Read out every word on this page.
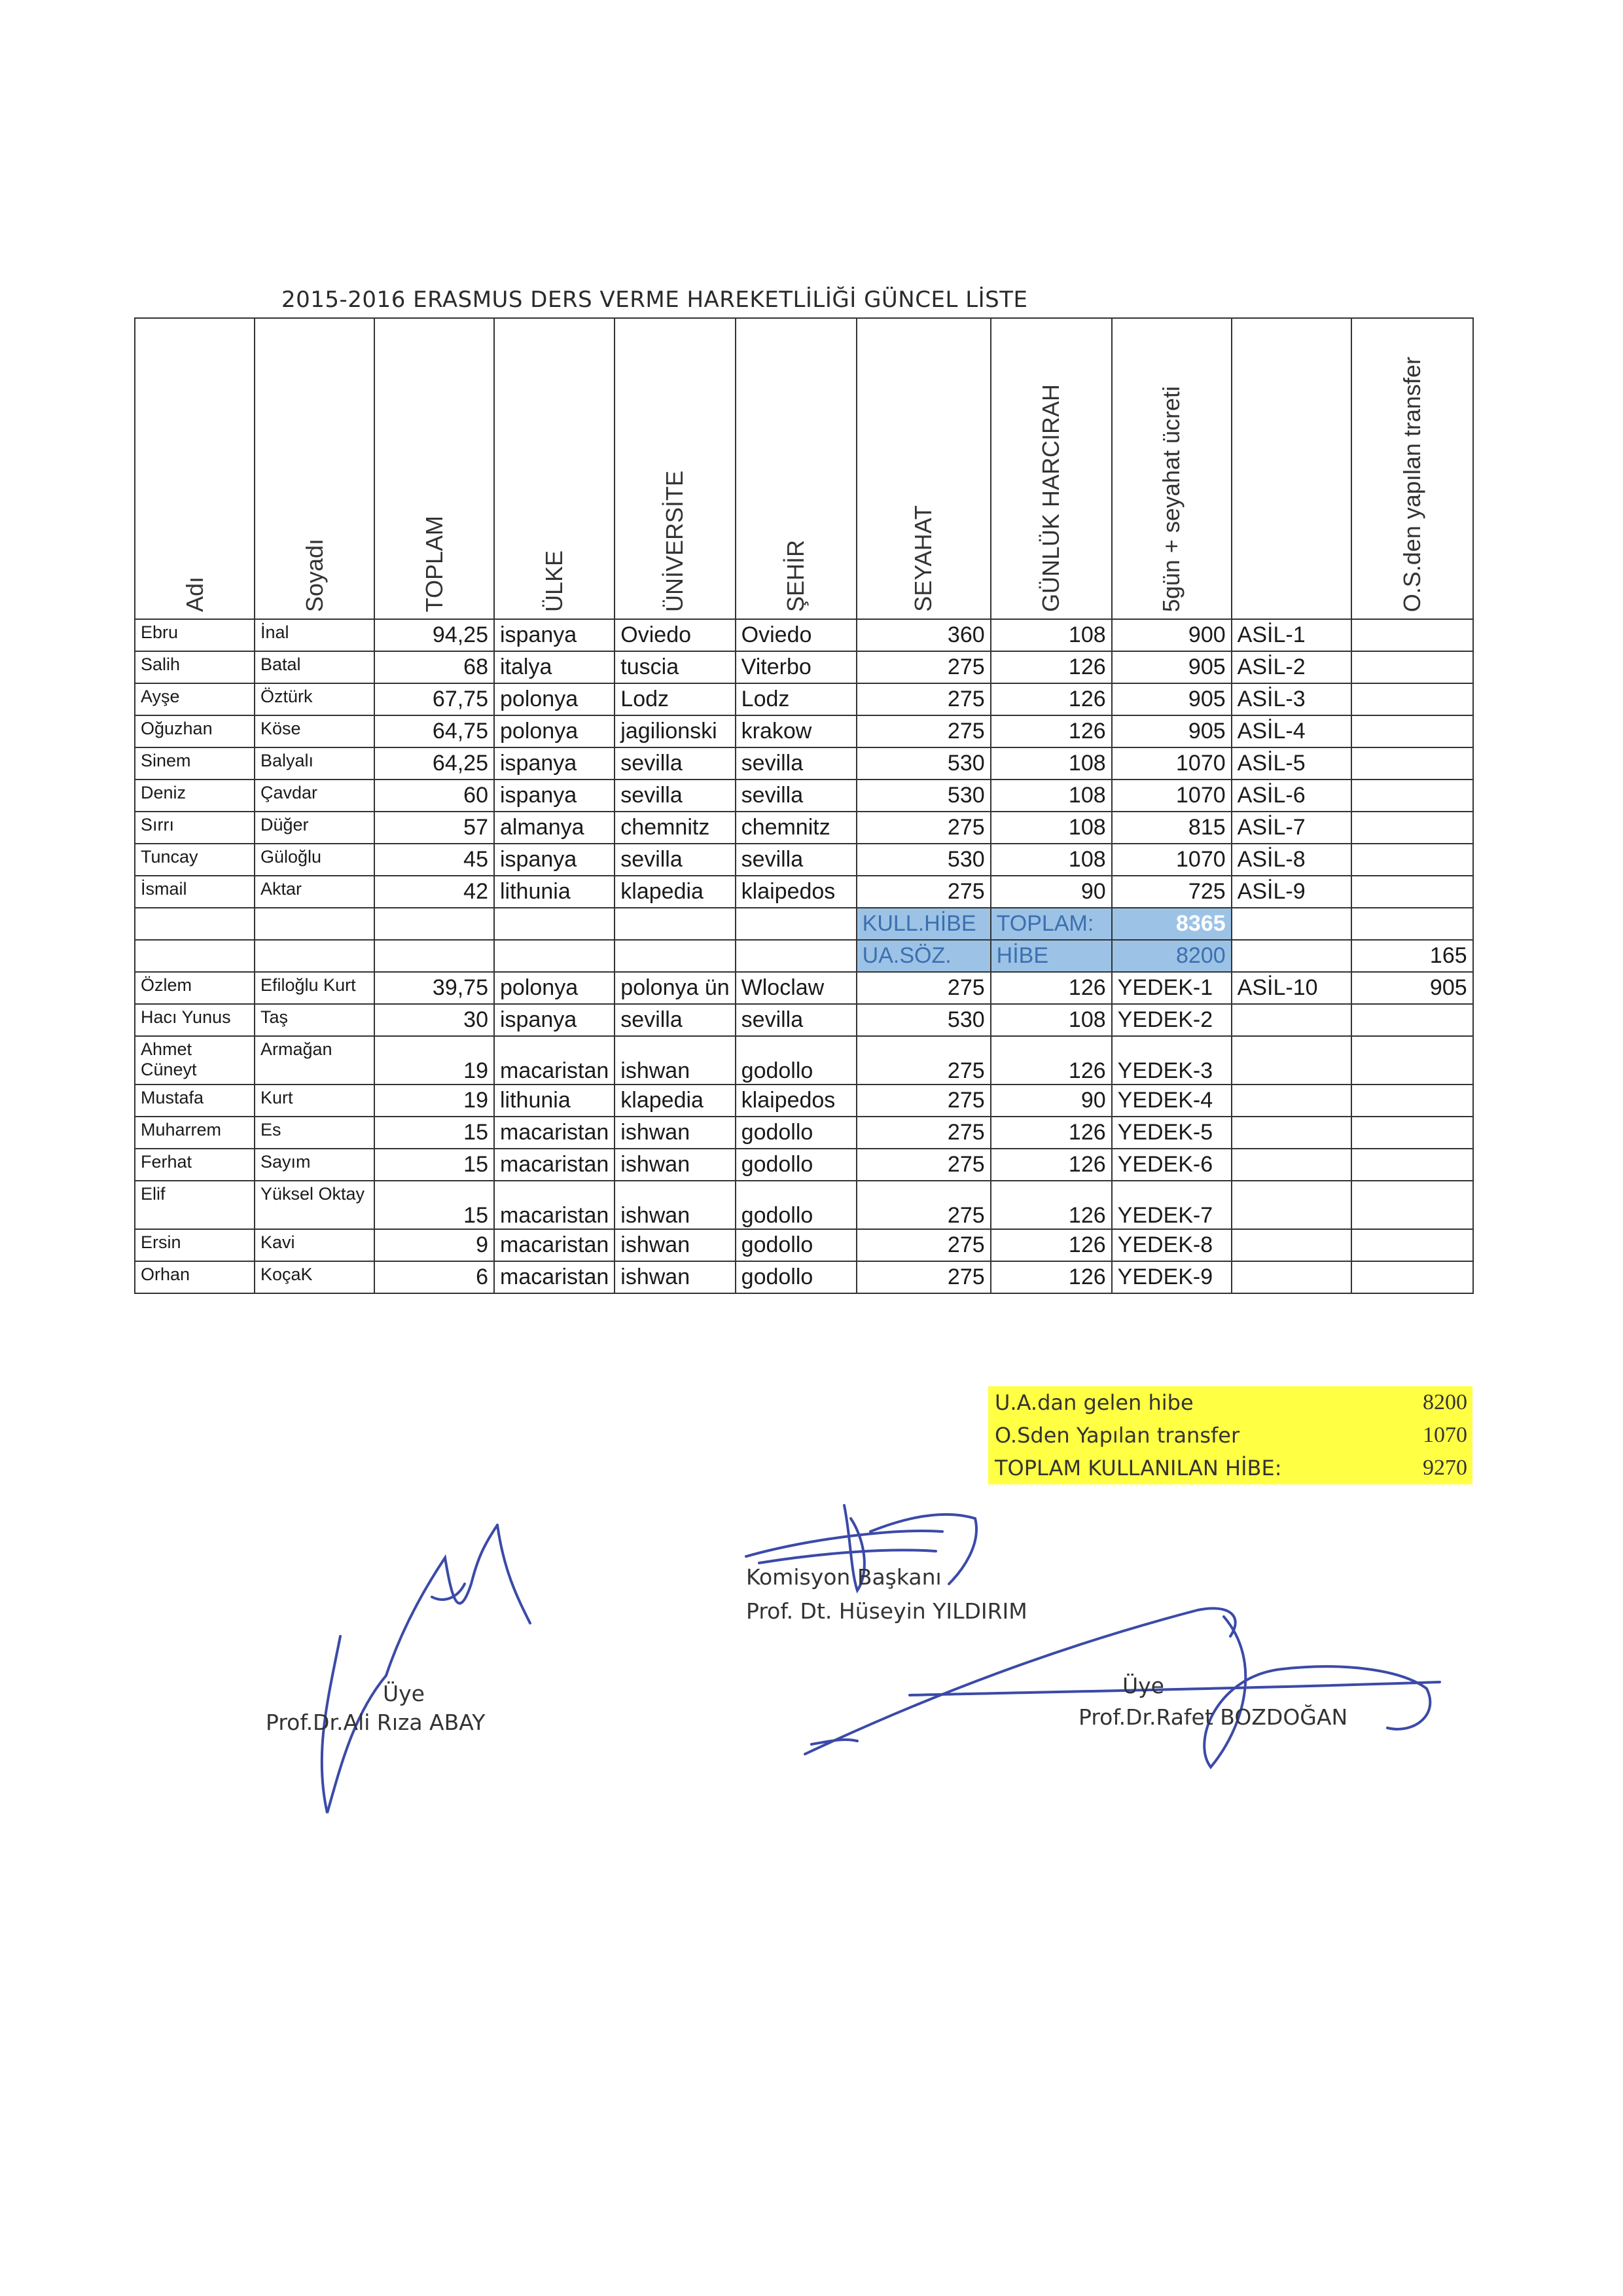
2015-2016 ERASMUS DERS VERME HAREKETLİLİĞİ GÜNCEL LİSTE
Adı	Soyadı	TOPLAM	ÜLKE	ÜNİVERSİTE	ŞEHİR	SEYAHAT	GÜNLÜK HARCIRAH	5gün + seyahat ücreti		O.S.den yapılan transfer

Ebru	İnal	94,25	ispanya	Oviedo	Oviedo	360	108	900	ASİL-1	
Salih	Batal	68	italya	tuscia	Viterbo	275	126	905	ASİL-2	
Ayşe	Öztürk	67,75	polonya	Lodz	Lodz	275	126	905	ASİL-3	
Oğuzhan	Köse	64,75	polonya	jagilionski	krakow	275	126	905	ASİL-4	
Sinem	Balyalı	64,25	ispanya	sevilla	sevilla	530	108	1070	ASİL-5	
Deniz	Çavdar	60	ispanya	sevilla	sevilla	530	108	1070	ASİL-6	
Sırrı	Düğer	57	almanya	chemnitz	chemnitz	275	108	815	ASİL-7	
Tuncay	Güloğlu	45	ispanya	sevilla	sevilla	530	108	1070	ASİL-8	
İsmail	Aktar	42	lithunia	klapedia	klaipedos	275	90	725	ASİL-9	
						KULL.HİBE	TOPLAM:	8365		
						UA.SÖZ.	HİBE	8200		165
Özlem	Efiloğlu Kurt	39,75	polonya	polonya ün	Wloclaw	275	126	YEDEK-1	ASİL-10	905
Hacı Yunus	Taş	30	ispanya	sevilla	sevilla	530	108	YEDEK-2		
Ahmet Cüneyt	Armağan	19	macaristan	ishwan	godollo	275	126	YEDEK-3		
Mustafa	Kurt	19	lithunia	klapedia	klaipedos	275	90	YEDEK-4		
Muharrem	Es	15	macaristan	ishwan	godollo	275	126	YEDEK-5		
Ferhat	Sayım	15	macaristan	ishwan	godollo	275	126	YEDEK-6		
Elif	Yüksel Oktay	15	macaristan	ishwan	godollo	275	126	YEDEK-7		
Ersin	Kavi	9	macaristan	ishwan	godollo	275	126	YEDEK-8		
Orhan	KoçaK	6	macaristan	ishwan	godollo	275	126	YEDEK-9		
U.A.dan gelen hibe	8200
O.Sden Yapılan transfer	1070
TOPLAM KULLANILAN HİBE:	9270
Komisyon Başkanı
Prof. Dt. Hüseyin YILDIRIM
Üye
Prof.Dr.Ali Rıza ABAY
Üye
Prof.Dr.Rafet BOZDOĞAN
